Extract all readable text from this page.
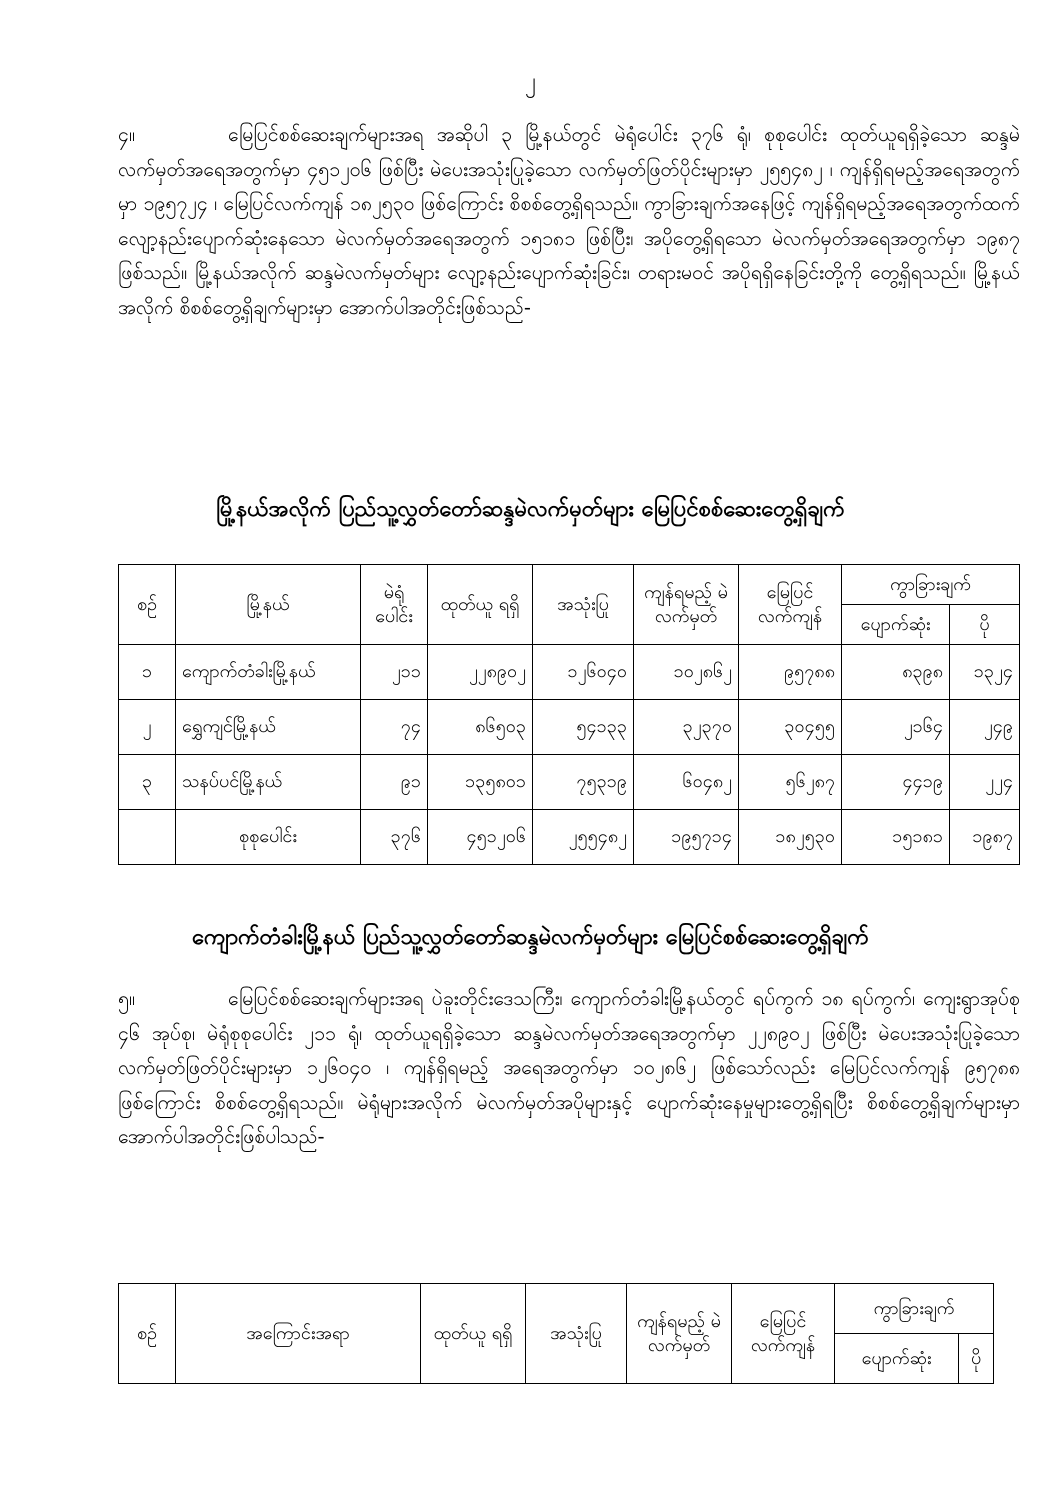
၂

၄။	မြေပြင်စစ်ဆေးချက်များအရ အဆိုပါ ၃ မြို့နယ်တွင် မဲရုံပေါင်း ၃၇၆ ရုံ၊ စုစုပေါင်း ထုတ်ယူရရှိခဲ့သော ဆန္ဒမဲလက်မှတ်အရေအတွက်မှာ ၄၅၁၂၀၆ ဖြစ်ပြီး မဲပေးအသုံးပြုခဲ့သော လက်မှတ်ဖြတ်ပိုင်းများမှာ ၂၅၅၄၈၂ ၊ ကျန်ရှိရမည့်အရေအတွက်မှာ ၁၉၅၇၂၄ ၊ မြေပြင်လက်ကျန် ၁၈၂၅၃၀ ဖြစ်ကြောင်း စိစစ်တွေ့ရှိရသည်။ ကွာခြားချက်အနေဖြင့် ကျန်ရှိရမည့်အရေအတွက်ထက် လျော့နည်းပျောက်ဆုံးနေသော မဲလက်မှတ်အရေအတွက် ၁၅၁၈၁ ဖြစ်ပြီး၊ အပိုတွေ့ရှိရသော မဲလက်မှတ်အရေအတွက်မှာ ၁၉၈၇ ဖြစ်သည်။ မြို့နယ်အလိုက် ဆန္ဒမဲလက်မှတ်များ လျော့နည်းပျောက်ဆုံးခြင်း၊ တရားမဝင် အပိုရရှိနေခြင်းတို့ကို တွေ့ရှိရသည်။ မြို့နယ်အလိုက် စိစစ်တွေ့ရှိချက်များမှာ အောက်ပါအတိုင်းဖြစ်သည်-

မြို့နယ်အလိုက် ပြည်သူ့လွှတ်တော်ဆန္ဒမဲလက်မှတ်များ မြေပြင်စစ်ဆေးတွေ့ရှိချက်
စဉ်	မြို့နယ်	မဲရုံ ပေါင်း	ထုတ်ယူ ရရှိ	အသုံးပြု	ကျန်ရမည့် မဲလက်မှတ်	မြေပြင် လက်ကျန်	ကွာခြားချက်	
							ပျောက်ဆုံး	ပို
၁	ကျောက်တံခါးမြို့နယ်	၂၁၁	၂၂၈၉၀၂	၁၂၆၀၄၀	၁၀၂၈၆၂	၉၅၇၈၈	၈၃၉၈	၁၃၂၄
၂	ရွှေကျင်မြို့နယ်	၇၄	၈၆၅၀၃	၅၄၁၃၃	၃၂၃၇၀	၃၀၄၅၅	၂၁၆၄	၂၄၉
၃	သနပ်ပင်မြို့နယ်	၉၁	၁၃၅၈၀၁	၇၅၃၁၉	၆၀၄၈၂	၅၆၂၈၇	၄၄၁၉	၂၂၄
	စုစုပေါင်း	၃၇၆	၄၅၁၂၀၆	၂၅၅၄၈၂	၁၉၅၇၁၄	၁၈၂၅၃၀	၁၅၁၈၁	၁၉၈၇
ကျောက်တံခါးမြို့နယ် ပြည်သူ့လွှတ်တော်ဆန္ဒမဲလက်မှတ်များ မြေပြင်စစ်ဆေးတွေ့ရှိချက်

၅။	မြေပြင်စစ်ဆေးချက်များအရ ပဲခူးတိုင်းဒေသကြီး၊ ကျောက်တံခါးမြို့နယ်တွင် ရပ်ကွက် ၁၈ ရပ်ကွက်၊ ကျေးရွာအုပ်စု ၄၆ အုပ်စု၊ မဲရုံစုစုပေါင်း ၂၁၁ ရုံ၊ ထုတ်ယူရရှိခဲ့သော ဆန္ဒမဲလက်မှတ်အရေအတွက်မှာ ၂၂၈၉၀၂ ဖြစ်ပြီး မဲပေးအသုံးပြုခဲ့သော လက်မှတ်ဖြတ်ပိုင်းများမှာ ၁၂၆၀၄၀ ၊ ကျန်ရှိရမည့် အရေအတွက်မှာ ၁၀၂၈၆၂ ဖြစ်သော်လည်း မြေပြင်လက်ကျန် ၉၅၇၈၈ ဖြစ်ကြောင်း စိစစ်တွေ့ရှိရသည်။ မဲရုံများအလိုက် မဲလက်မှတ်အပိုများနှင့် ပျောက်ဆုံးနေမှုများတွေ့ရှိရပြီး စိစစ်တွေ့ရှိချက်များမှာ အောက်ပါအတိုင်းဖြစ်ပါသည်-

စဉ်	အကြောင်းအရာ	ထုတ်ယူ ရရှိ	အသုံးပြု	ကျန်ရမည့် မဲလက်မှတ်	မြေပြင် လက်ကျန်	ကွာခြားချက်	
						ပျောက်ဆုံး	ပို
